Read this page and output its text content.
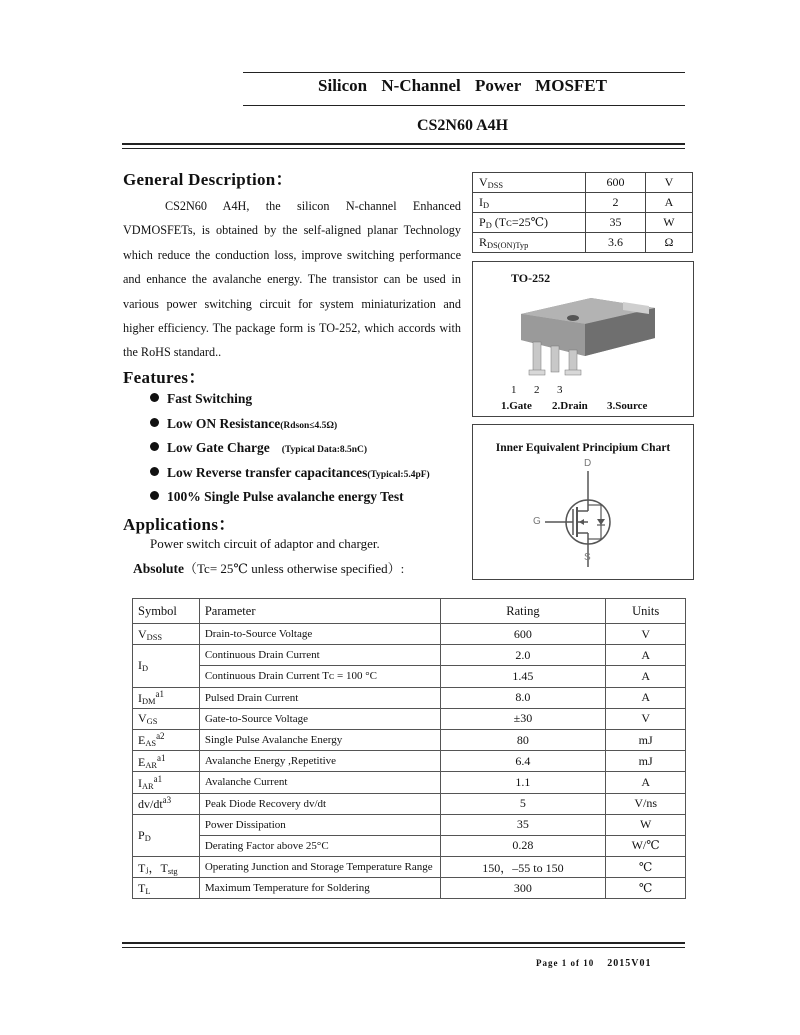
Silicon N-Channel Power MOSFET
CS2N60 A4H
General Description：
CS2N60 A4H, the silicon N-channel Enhanced VDMOSFETs, is obtained by the self-aligned planar Technology which reduce the conduction loss, improve switching performance and enhance the avalanche energy. The transistor can be used in various power switching circuit for system miniaturization and higher efficiency. The package form is TO-252, which accords with the RoHS standard..
$V_{DSS}$	600	V
$I_D$	2	A
$P_D$ (Tᴄ=25℃)	35	W
$R_{DS(ON)Typ}$	3.6	Ω
TO-252
1 2 3
1.Gate 2.Drain 3.Source
Inner Equivalent Principium Chart
D
G
S
Features：
Fast Switching
Low ON Resistance(Rdson≤4.5Ω)
Low Gate Charge (Typical Data:8.5nC)
Low Reverse transfer capacitances(Typical:5.4pF)
100% Single Pulse avalanche energy Test
Applications：
Power switch circuit of adaptor and charger.
Absolute（Tc= 25℃ unless otherwise specified）:
Symbol	Parameter	Rating	Units
$V_{DSS}$	Drain-to-Source Voltage	600	V
$I_D$	Continuous Drain Current	2.0	A
	Continuous Drain Current Tᴄ = 100 °C	1.45	A
$I_{DM}^{a1}$	Pulsed Drain Current	8.0	A
$V_{GS}$	Gate-to-Source Voltage	±30	V
$E_{AS}^{a2}$	Single Pulse Avalanche Energy	80	mJ
$E_{AR}^{a1}$	Avalanche Energy ,Repetitive	6.4	mJ
$I_{AR}^{a1}$	Avalanche Current	1.1	A
$dv/dt^{a3}$	Peak Diode Recovery dv/dt	5	V/ns
$P_D$	Power Dissipation	35	W
	Derating Factor above 25°C	0.28	W/℃
Tⱼ，$T_{stg}$	Operating Junction and Storage Temperature Range	150，–55 to 150	℃
$T_L$	Maximum Temperature for Soldering	300	℃
Page 1 of 10 2015V01
